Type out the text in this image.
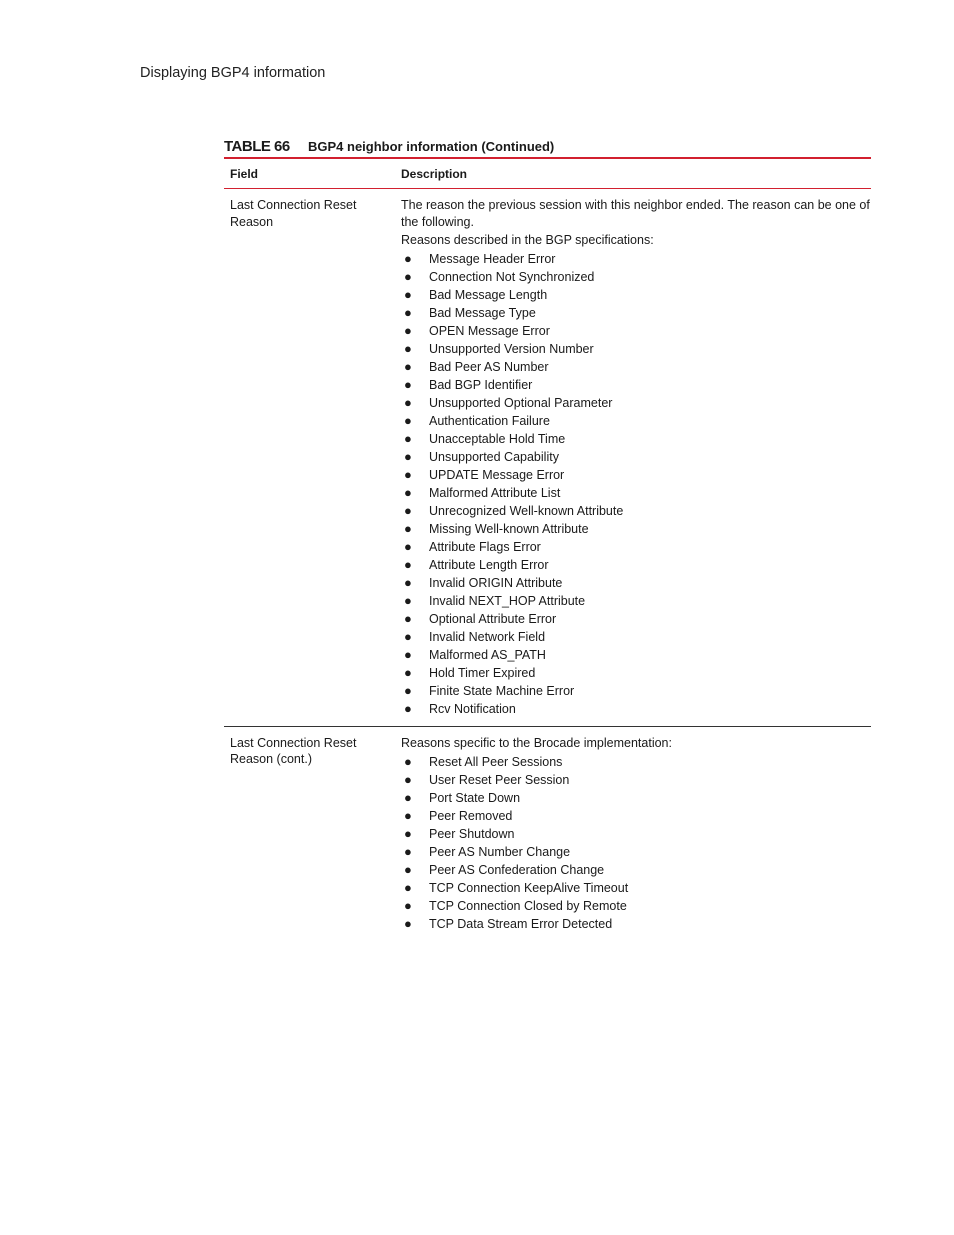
Displaying BGP4 information
TABLE 66	BGP4 neighbor information (Continued)
Field	Description
Last Connection Reset Reason

The reason the previous session with this neighbor ended. The reason can be one of the following.

Reasons described in the BGP specifications:

● Message Header Error
● Connection Not Synchronized
● Bad Message Length
● Bad Message Type
● OPEN Message Error
● Unsupported Version Number
● Bad Peer AS Number
● Bad BGP Identifier
● Unsupported Optional Parameter
● Authentication Failure
● Unacceptable Hold Time
● Unsupported Capability
● UPDATE Message Error
● Malformed Attribute List
● Unrecognized Well-known Attribute
● Missing Well-known Attribute
● Attribute Flags Error
● Attribute Length Error
● Invalid ORIGIN Attribute
● Invalid NEXT_HOP Attribute
● Optional Attribute Error
● Invalid Network Field
● Malformed AS_PATH
● Hold Timer Expired
● Finite State Machine Error
● Rcv Notification
Last Connection Reset Reason (cont.)

Reasons specific to the Brocade implementation:

● Reset All Peer Sessions
● User Reset Peer Session
● Port State Down
● Peer Removed
● Peer Shutdown
● Peer AS Number Change
● Peer AS Confederation Change
● TCP Connection KeepAlive Timeout
● TCP Connection Closed by Remote
● TCP Data Stream Error Detected
